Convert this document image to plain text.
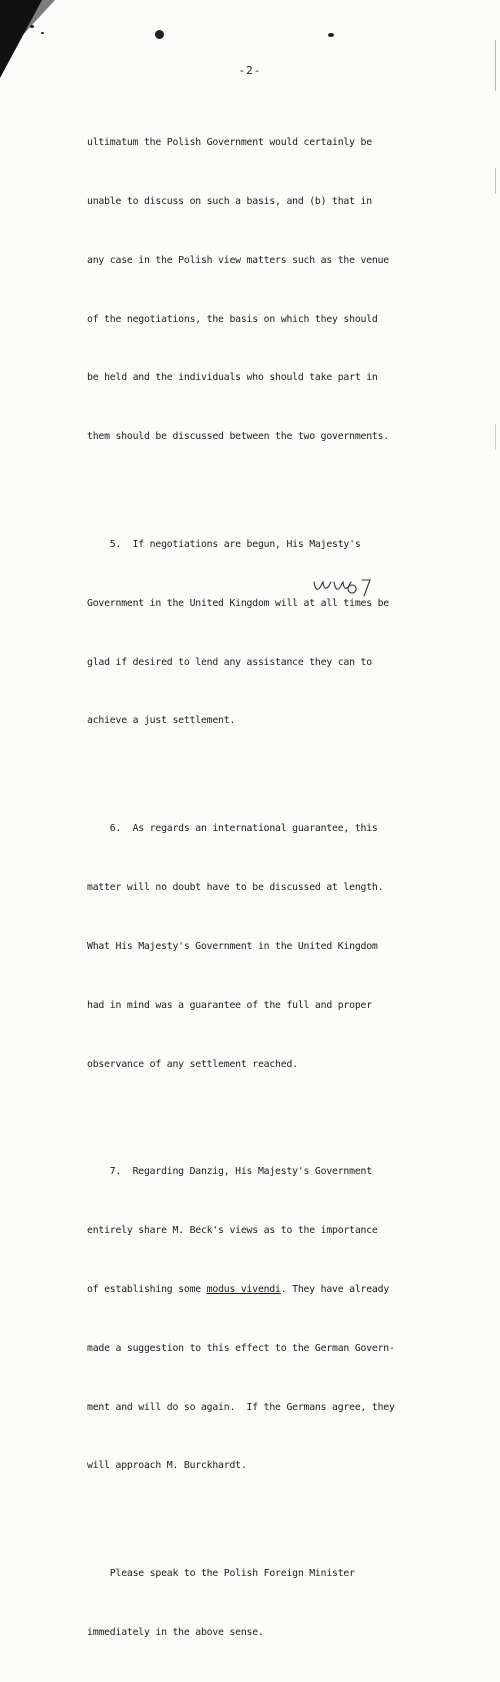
-2-

ultimatum the Polish Government would certainly be

unable to discuss on such a basis, and (b) that in

any case in the Polish view matters such as the venue

of the negotiations, the basis on which they should

be held and the individuals who should take part in

them should be discussed between the two governments.

5.  If negotiations are begun, His Majesty's

Government in the United Kingdom will at all times be

glad if desired to lend any assistance they can to

achieve a just settlement.

6.  As regards an international guarantee, this

matter will no doubt have to be discussed at length.

What His Majesty's Government in the United Kingdom

had in mind was a guarantee of the full and proper

observance of any settlement reached.

7.  Regarding Danzig, His Majesty's Government

entirely share M. Beck's views as to the importance

of establishing some modus vivendi. They have already

made a suggestion to this effect to the German Govern-

ment and will do so again.  If the Germans agree, they

will approach M. Burckhardt.

Please speak to the Polish Foreign Minister

immediately in the above sense.
